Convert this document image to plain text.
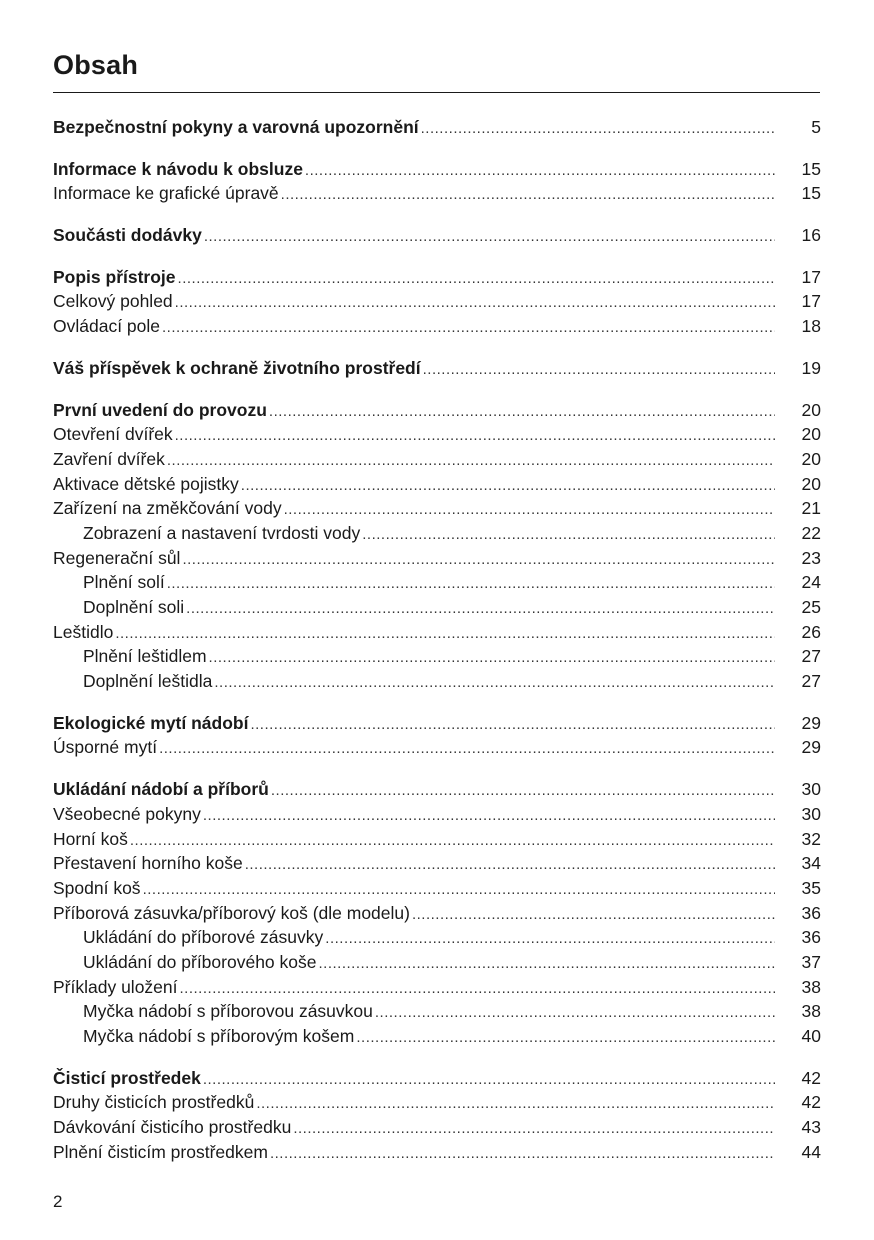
Obsah
Bezpečnostní pokyny a varovná upozornění .....	5
Informace k návodu k obsluze .....	15
Informace ke grafické úpravě .....	15
Součásti dodávky .....	16
Popis přístroje .....	17
Celkový pohled .....	17
Ovládací pole .....	18
Váš příspěvek k ochraně životního prostředí .....	19
První uvedení do provozu .....	20
Otevření dvířek .....	20
Zavření dvířek .....	20
Aktivace dětské pojistky .....	20
Zařízení na změkčování vody .....	21
Zobrazení a nastavení tvrdosti vody .....	22
Regenerační sůl .....	23
Plnění solí .....	24
Doplnění soli .....	25
Leštidlo .....	26
Plnění leštidlem .....	27
Doplnění leštidla .....	27
Ekologické mytí nádobí .....	29
Úsporné mytí .....	29
Ukládání nádobí a příborů .....	30
Všeobecné pokyny .....	30
Horní koš .....	32
Přestavení horního koše .....	34
Spodní koš .....	35
Příborová zásuvka/příborový koš (dle modelu) .....	36
Ukládání do příborové zásuvky .....	36
Ukládání do příborového koše .....	37
Příklady uložení .....	38
Myčka nádobí s příborovou zásuvkou .....	38
Myčka nádobí s příborovým košem .....	40
Čisticí prostředek .....	42
Druhy čisticích prostředků .....	42
Dávkování čisticího prostředku .....	43
Plnění čisticím prostředkem .....	44
2
